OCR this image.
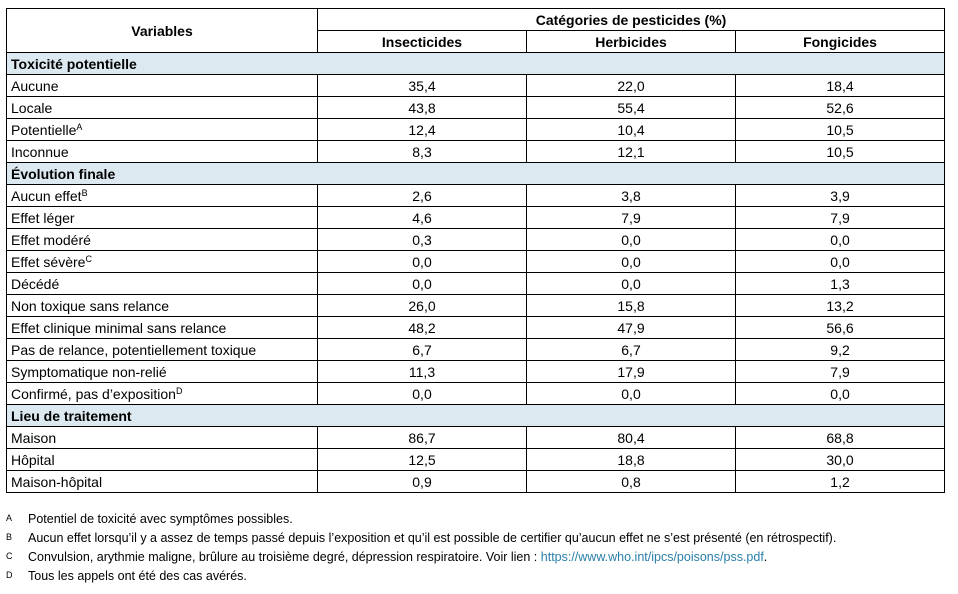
Variables	Catégories de pesticides (%)		
	Insecticides	Herbicides	Fongicides
Toxicité potentielle			
Aucune	35,4	22,0	18,4
Locale	43,8	55,4	52,6
Potentielle$^A$	12,4	10,4	10,5
Inconnue	8,3	12,1	10,5
Évolution finale			
Aucun effet$^B$	2,6	3,8	3,9
Effet léger	4,6	7,9	7,9
Effet modéré	0,3	0,0	0,0
Effet sévère$^C$	0,0	0,0	0,0
Décédé	0,0	0,0	1,3
Non toxique sans relance	26,0	15,8	13,2
Effet clinique minimal sans relance	48,2	47,9	56,6
Pas de relance, potentiellement toxique	6,7	6,7	9,2
Symptomatique non-relié	11,3	17,9	7,9
Confirmé, pas d’exposition$^D$	0,0	0,0	0,0
Lieu de traitement			
Maison	86,7	80,4	68,8
Hôpital	12,5	18,8	30,0
Maison-hôpital	0,9	0,8	1,2
A	Potentiel de toxicité avec symptômes possibles.
B	Aucun effet lorsqu’il y a assez de temps passé depuis l’exposition et qu’il est possible de certifier qu’aucun effet ne s’est présenté (en rétrospectif).
C	Convulsion, arythmie maligne, brûlure au troisième degré, dépression respiratoire. Voir lien : https://www.who.int/ipcs/poisons/pss.pdf.
D	Tous les appels ont été des cas avérés.
